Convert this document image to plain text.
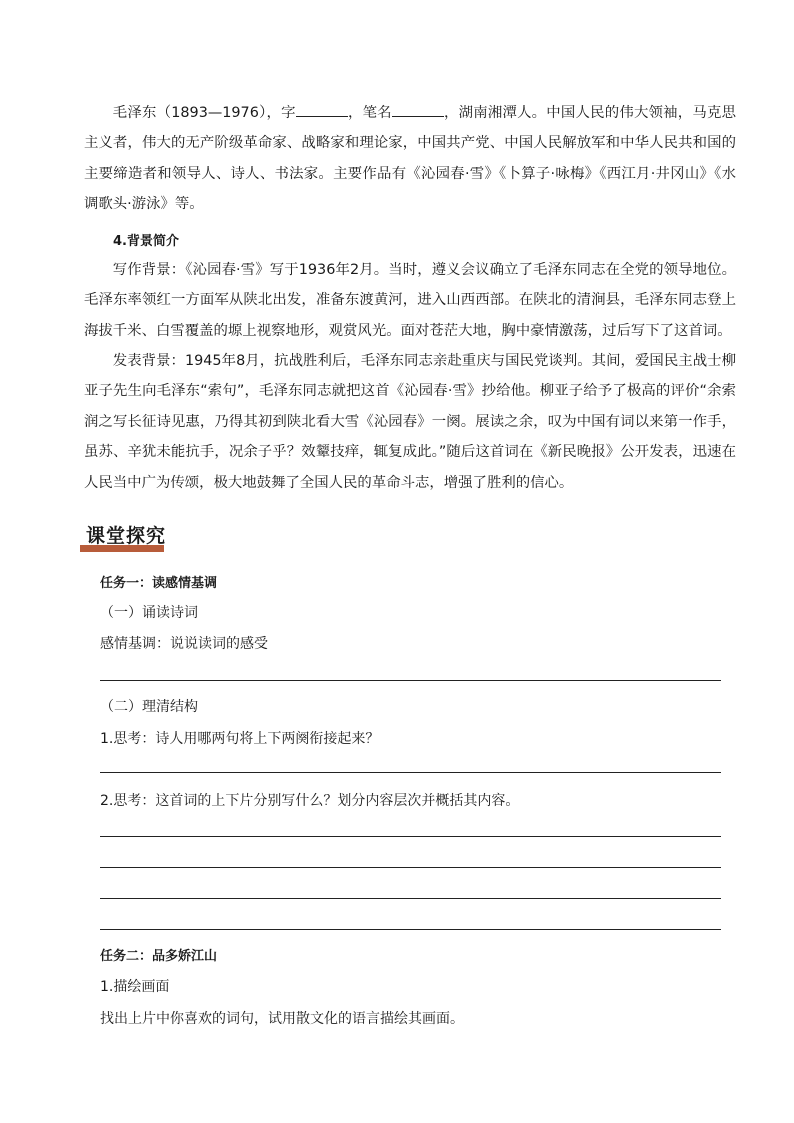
毛泽东（1893—1976），字	，笔名	，湖南湘潭人。中国人民的伟大领袖，马克思主义者，伟大的无产阶级革命家、战略家和理论家，中国共产党、中国人民解放军和中华人民共和国的主要缔造者和领导人、诗人、书法家。主要作品有《沁园春·雪》《卜算子·咏梅》《西江月·井冈山》《水调歌头·游泳》等。

4.背景简介

写作背景：《沁园春·雪》写于1936年2月。当时，遵义会议确立了毛泽东同志在全党的领导地位。毛泽东率领红一方面军从陕北出发，准备东渡黄河，进入山西西部。在陕北的清涧县，毛泽东同志登上海拔千米、白雪覆盖的塬上视察地形，观赏风光。面对苍茫大地，胸中豪情激荡，过后写下了这首词。

发表背景：1945年8月，抗战胜利后，毛泽东同志亲赴重庆与国民党谈判。其间，爱国民主战士柳亚子先生向毛泽东“索句”，毛泽东同志就把这首《沁园春·雪》抄给他。柳亚子给予了极高的评价“余索润之写长征诗见惠，乃得其初到陕北看大雪《沁园春》一阕。展读之余，叹为中国有词以来第一作手，虽苏、辛犹未能抗手，况余子乎？效颦技痒，辄复成此。”随后这首词在《新民晚报》公开发表，迅速在人民当中广为传颂，极大地鼓舞了全国人民的革命斗志，增强了胜利的信心。

课堂探究

任务一：读感情基调

（一）诵读诗词

感情基调：说说读词的感受

（二）理清结构

1.思考：诗人用哪两句将上下两阕衔接起来？

2.思考：这首词的上下片分别写什么？划分内容层次并概括其内容。

任务二：品多娇江山

1.描绘画面

找出上片中你喜欢的词句，试用散文化的语言描绘其画面。
